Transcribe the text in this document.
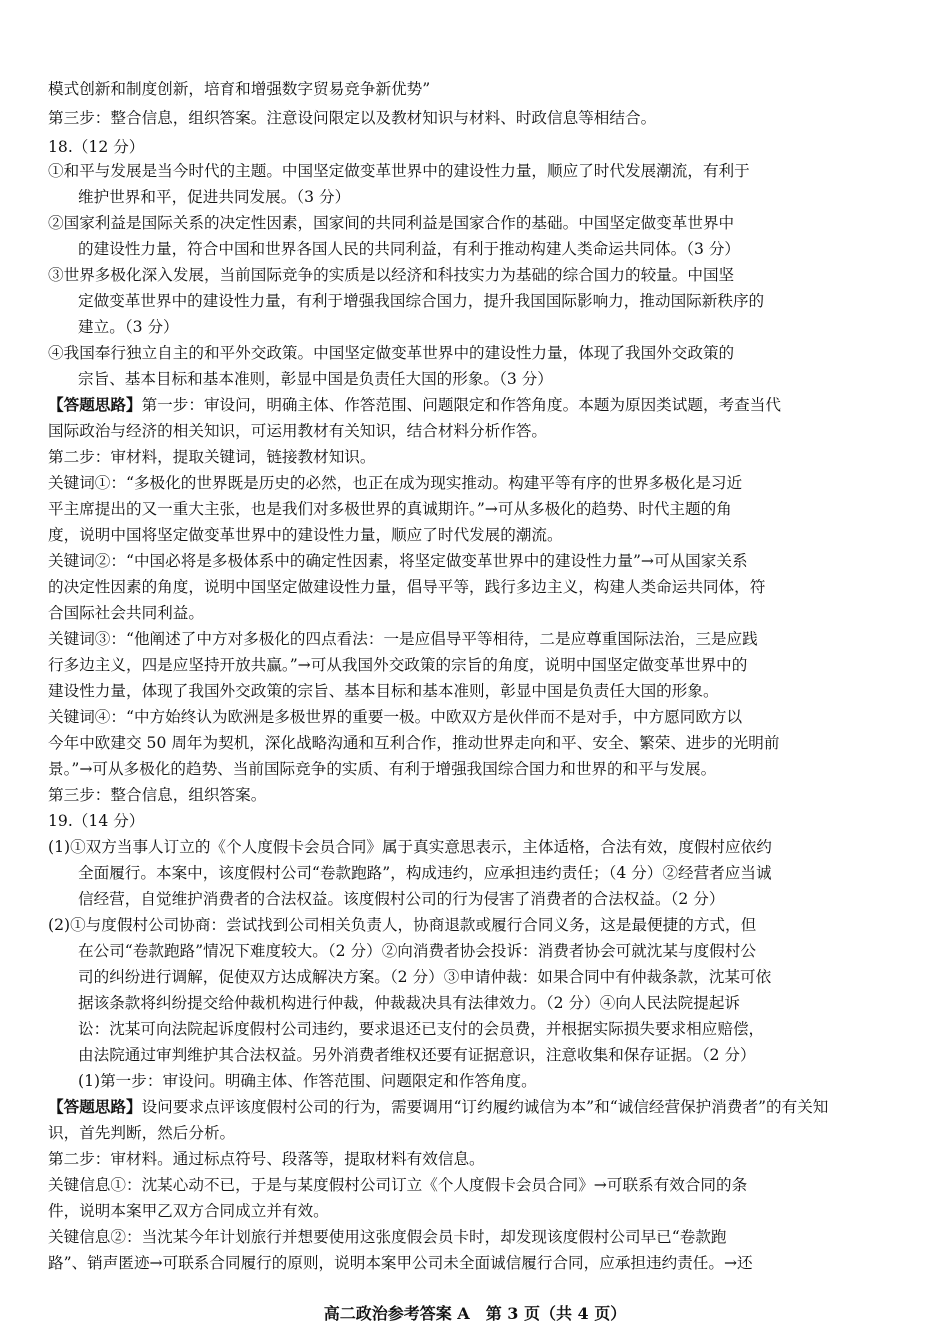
模式创新和制度创新，培育和增强数字贸易竞争新优势”
第三步：整合信息，组织答案。注意设问限定以及教材知识与材料、时政信息等相结合。
18.（12 分）
①和平与发展是当今时代的主题。中国坚定做变革世界中的建设性力量，顺应了时代发展潮流，有利于
维护世界和平，促进共同发展。（3 分）
②国家利益是国际关系的决定性因素，国家间的共同利益是国家合作的基础。中国坚定做变革世界中
的建设性力量，符合中国和世界各国人民的共同利益，有利于推动构建人类命运共同体。（3 分）
③世界多极化深入发展，当前国际竞争的实质是以经济和科技实力为基础的综合国力的较量。中国坚
定做变革世界中的建设性力量，有利于增强我国综合国力，提升我国国际影响力，推动国际新秩序的
建立。（3 分）
④我国奉行独立自主的和平外交政策。中国坚定做变革世界中的建设性力量，体现了我国外交政策的
宗旨、基本目标和基本准则，彰显中国是负责任大国的形象。（3 分）
【答题思路】第一步：审设问，明确主体、作答范围、问题限定和作答角度。本题为原因类试题，考查当代
国际政治与经济的相关知识，可运用教材有关知识，结合材料分析作答。
第二步：审材料，提取关键词，链接教材知识。
关键词①：“多极化的世界既是历史的必然，也正在成为现实推动。构建平等有序的世界多极化是习近
平主席提出的又一重大主张，也是我们对多极世界的真诚期许。”→可从多极化的趋势、时代主题的角
度，说明中国将坚定做变革世界中的建设性力量，顺应了时代发展的潮流。
关键词②：“中国必将是多极体系中的确定性因素，将坚定做变革世界中的建设性力量”→可从国家关系
的决定性因素的角度，说明中国坚定做建设性力量，倡导平等，践行多边主义，构建人类命运共同体，符
合国际社会共同利益。
关键词③：“他阐述了中方对多极化的四点看法：一是应倡导平等相待，二是应尊重国际法治，三是应践
行多边主义，四是应坚持开放共赢。”→可从我国外交政策的宗旨的角度，说明中国坚定做变革世界中的
建设性力量，体现了我国外交政策的宗旨、基本目标和基本准则，彰显中国是负责任大国的形象。
关键词④：“中方始终认为欧洲是多极世界的重要一极。中欧双方是伙伴而不是对手，中方愿同欧方以
今年中欧建交 50 周年为契机，深化战略沟通和互利合作，推动世界走向和平、安全、繁荣、进步的光明前
景。”→可从多极化的趋势、当前国际竞争的实质、有利于增强我国综合国力和世界的和平与发展。
第三步：整合信息，组织答案。
19.（14 分）
(1)①双方当事人订立的《个人度假卡会员合同》属于真实意思表示，主体适格，合法有效，度假村应依约
全面履行。本案中，该度假村公司“卷款跑路”，构成违约，应承担违约责任；（4 分）②经营者应当诚
信经营，自觉维护消费者的合法权益。该度假村公司的行为侵害了消费者的合法权益。（2 分）
(2)①与度假村公司协商：尝试找到公司相关负责人，协商退款或履行合同义务，这是最便捷的方式，但
在公司“卷款跑路”情况下难度较大。（2 分）②向消费者协会投诉：消费者协会可就沈某与度假村公
司的纠纷进行调解，促使双方达成解决方案。（2 分）③申请仲裁：如果合同中有仲裁条款，沈某可依
据该条款将纠纷提交给仲裁机构进行仲裁，仲裁裁决具有法律效力。（2 分）④向人民法院提起诉
讼：沈某可向法院起诉度假村公司违约，要求退还已支付的会员费，并根据实际损失要求相应赔偿，
由法院通过审判维护其合法权益。另外消费者维权还要有证据意识，注意收集和保存证据。（2 分）
(1)第一步：审设问。明确主体、作答范围、问题限定和作答角度。
【答题思路】设问要求点评该度假村公司的行为，需要调用“订约履约诚信为本”和“诚信经营保护消费者”的有关知
识，首先判断，然后分析。
第二步：审材料。通过标点符号、段落等，提取材料有效信息。
关键信息①：沈某心动不已，于是与某度假村公司订立《个人度假卡会员合同》→可联系有效合同的条
件，说明本案甲乙双方合同成立并有效。
关键信息②：当沈某今年计划旅行并想要使用这张度假会员卡时，却发现该度假村公司早已“卷款跑
路”、销声匿迹→可联系合同履行的原则，说明本案甲公司未全面诚信履行合同，应承担违约责任。→还
高二政治参考答案 A　第 3 页（共 4 页）
